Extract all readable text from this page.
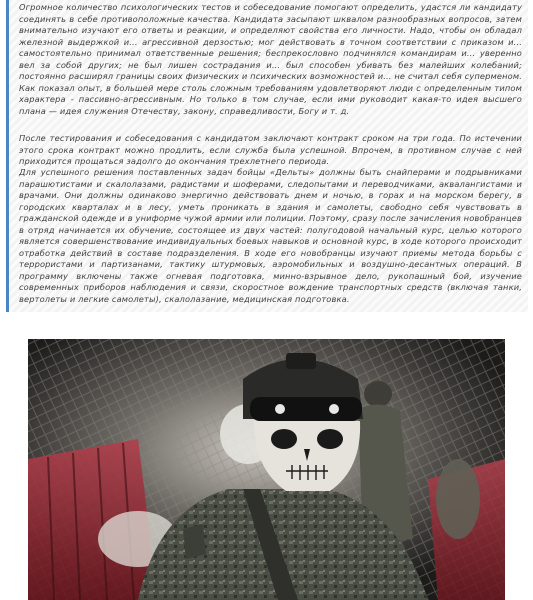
Огромное количество психологических тестов и собеседование помогают определить, удастся ли кандидату соединять в себе противоположные качества. Кандидата засыпают шквалом разнообразных вопросов, затем внимательно изучают его ответы и реакции, и определяют свойства его личности. Надо, чтобы он обладал железной выдержкой и... агрессивной дерзостью; мог действовать в точном соответствии с приказом и... самостоятельно принимал ответственные решения; беспрекословно подчинялся командирам и... уверенно вел за собой других; не был лишен сострадания и... был способен убивать без малейших колебаний; постоянно расширял границы своих физических и психических возможностей и... не считал себя суперменом. Как показал опыт, в большей мере столь сложным требованиям удовлетворяют люди с определенным типом характера - пассивно-агрессивным. Но только в том случае, если ими руководит какая-то идея высшего плана — идея служения Отечеству, закону, справедливости, Богу и т. д.

После тестирования и собеседования с кандидатом заключают контракт сроком на три года. По истечении этого срока контракт можно продлить, если служба была успешной. Впрочем, в противном случае с ней приходится прощаться задолго до окончания трехлетнего периода.

Для успешного решения поставленных задач бойцы «Дельты» должны быть снайперами и подрывниками парашютистами и скалолазами, радистами и шоферами, следопытами и переводчиками, аквалангистами и врачами. Они должны одинаково энергично действовать днем и ночью, в горах и на морском берегу, в городских кварталах и в лесу, уметь проникать в здания и самолеты, свободно себя чувствовать в гражданской одежде и в униформе чужой армии или полиции. Поэтому, сразу после зачисления новобранцев в отряд начинается их обучение, состоящее из двух частей: полугодовой начальный курс, целью которого является совершенствование индивидуальных боевых навыков и основной курс, в ходе которого происходит отработка действий в составе подразделения. В ходе его новобранцы изучают приемы метода борьбы с террористами и партизанами, тактику штурмовых, аэромобильных и воздушно-десантных операций. В программу включены также огневая подготовка, минно-взрывное дело, рукопашный бой, изучение современных приборов наблюдения и связи, скоростное вождение транспортных средств (включая танки, вертолеты и легкие самолеты), скалолазание, медицинская подготовка.
